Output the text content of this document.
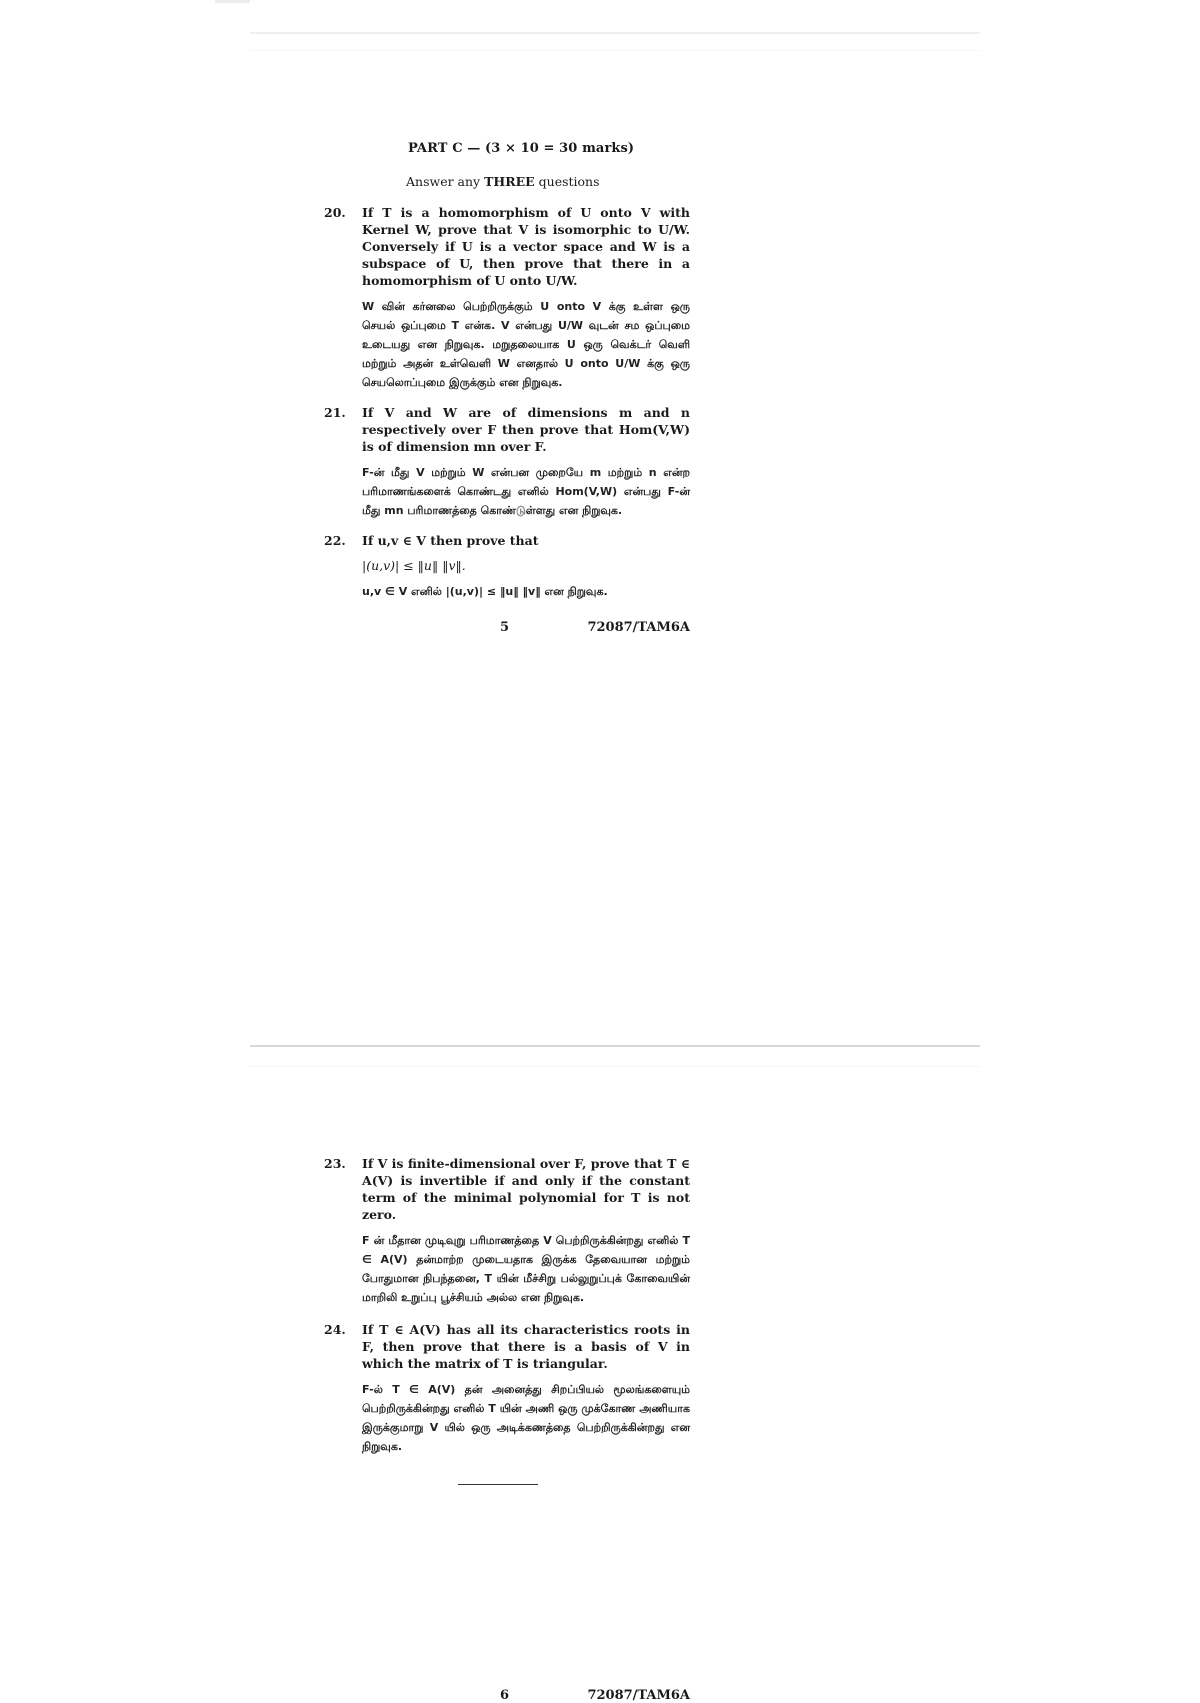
PART C — (3 × 10 = 30 marks)
Answer any THREE questions
20. If T is a homomorphism of U onto V with Kernel W, prove that V is isomorphic to U/W. Conversely if U is a vector space and W is a subspace of U, then prove that there in a homomorphism of U onto U/W.
W வின் கர்னலை பெற்றிருக்கும் U onto V க்கு உள்ள ஒரு செயல் ஒப்புமை T என்க. V என்பது U/W வுடன் சம ஒப்புமை உடையது என நிறுவுக. மறுதலையாக U ஒரு வெக்டர் வெளி மற்றும் அதன் உள்வெளி W எனதால் U onto U/W க்கு ஒரு செயலொப்புமை இருக்கும் என நிறுவுக.
21. If V and W are of dimensions m and n respectively over F then prove that Hom(V,W) is of dimension mn over F.
F-ன் மீது V மற்றும் W என்பன முறையே m மற்றும் n என்ற பரிமாணங்களைக் கொண்டது எனில் Hom(V,W) என்பது F-ன் மீது mn பரிமாணத்தை கொண்டுள்ளது என நிறுவுக.
22. If u,v ∈ V then prove that
|(u,v)| ≤ ‖u‖ ‖v‖.
u,v ∈ V எனில் |(u,v)| ≤ ‖u‖ ‖v‖ என நிறுவுக.
5	72087/TAM6A
23. If V is finite-dimensional over F, prove that T ∈ A(V) is invertible if and only if the constant term of the minimal polynomial for T is not zero.
F ன் மீதான முடிவுறு பரிமாணத்தை V பெற்றிருக்கின்றது எனில் T ∈ A(V) தன்மாற்ற முடையதாக இருக்க தேவையான மற்றும் போதுமான நிபந்தனை, T யின் மீச்சிறு பல்லுறுப்புக் கோவையின் மாறிலி உறுப்பு பூச்சியம் அல்ல என நிறுவுக.
24. If T ∈ A(V) has all its characteristics roots in F, then prove that there is a basis of V in which the matrix of T is triangular.
F-ல் T ∈ A(V) தன் அனைத்து சிறப்பியல் மூலங்களையும் பெற்றிருக்கின்றது எனில் T யின் அணி ஒரு முக்கோண அணியாக இருக்குமாறு V யில் ஒரு அடிக்கணத்தை பெற்றிருக்கின்றது என நிறுவுக.
6	72087/TAM6A
